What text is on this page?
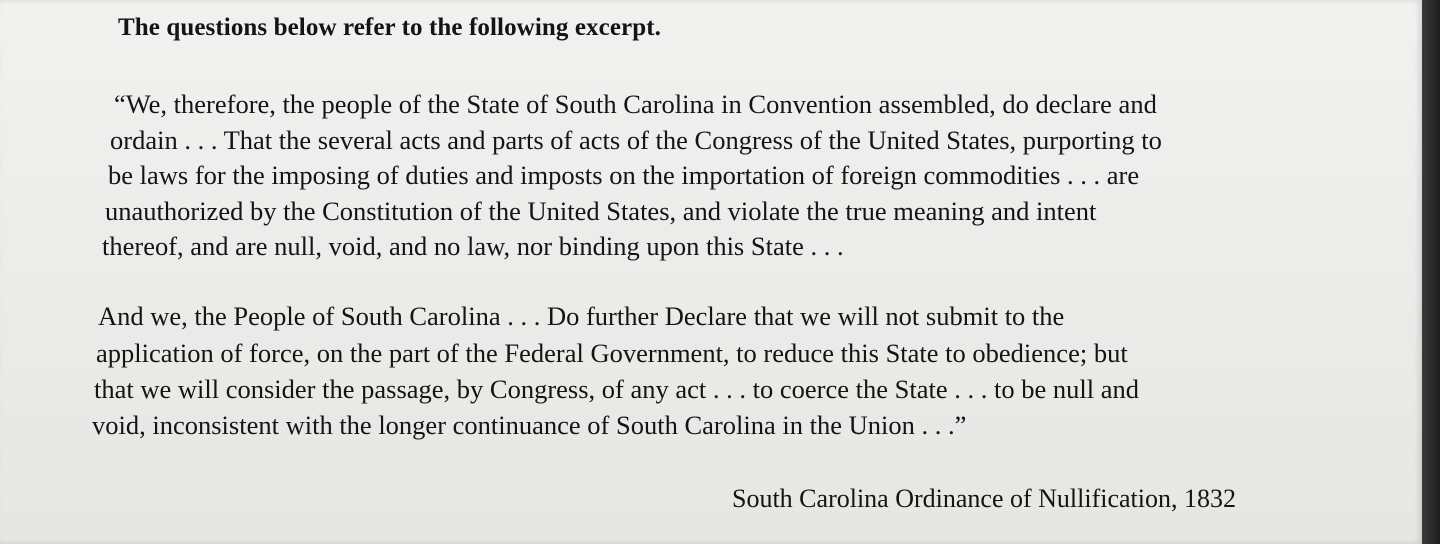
The questions below refer to the following excerpt.
“We, therefore, the people of the State of South Carolina in Convention assembled, do declare and
ordain . . . That the several acts and parts of acts of the Congress of the United States, purporting to
be laws for the imposing of duties and imposts on the importation of foreign commodities . . . are
unauthorized by the Constitution of the United States, and violate the true meaning and intent
thereof, and are null, void, and no law, nor binding upon this State . . .
And we, the People of South Carolina . . . Do further Declare that we will not submit to the
application of force, on the part of the Federal Government, to reduce this State to obedience; but
that we will consider the passage, by Congress, of any act . . . to coerce the State . . . to be null and
void, inconsistent with the longer continuance of South Carolina in the Union . . .”
South Carolina Ordinance of Nullification, 1832
